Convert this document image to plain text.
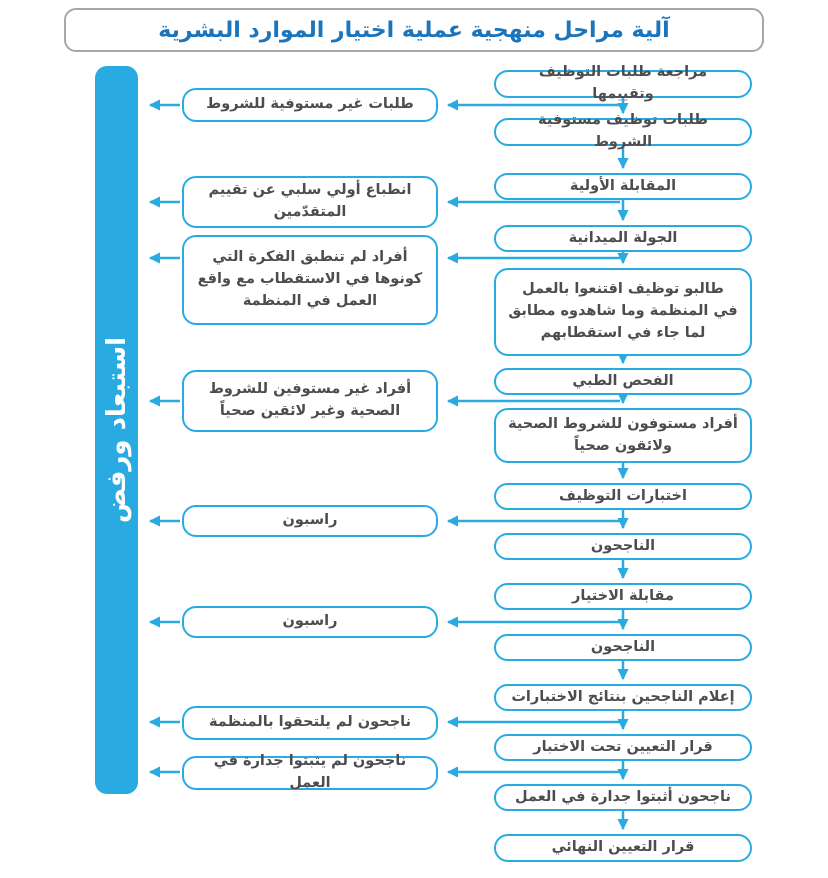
آلية مراحل منهجية عملية اختيار الموارد البشرية
استبعاد ورفض
مراجعة طلبات التوظيف وتقييمها
طلبات توظيف مستوفية الشروط
المقابلة الأولية
الجولة الميدانية
طالبو توظيف اقتنعوا بالعمل في المنظمة وما شاهدوه مطابق لما جاء في استقطابهم
الفحص الطبي
أفراد مستوفون للشروط الصحية ولائقون صحياً
اختبارات التوظيف
الناجحون
مقابلة الاختيار
الناجحون
إعلام الناجحين بنتائج الاختبارات
قرار التعيين تحت الاختبار
ناجحون أثبتوا جدارة في العمل
قرار التعيين النهائي
طلبات غير مستوفية للشروط
انطباع أولي سلبي عن تقييم المتقدّمين
أفراد لم تنطبق الفكرة التي كونوها في الاستقطاب مع واقع العمل في المنظمة
أفراد غير مستوفين للشروط الصحية وغير لائقين صحياً
راسبون
راسبون
ناجحون لم يلتحقوا بالمنظمة
ناجحون لم يثبتوا جدارة في العمل
